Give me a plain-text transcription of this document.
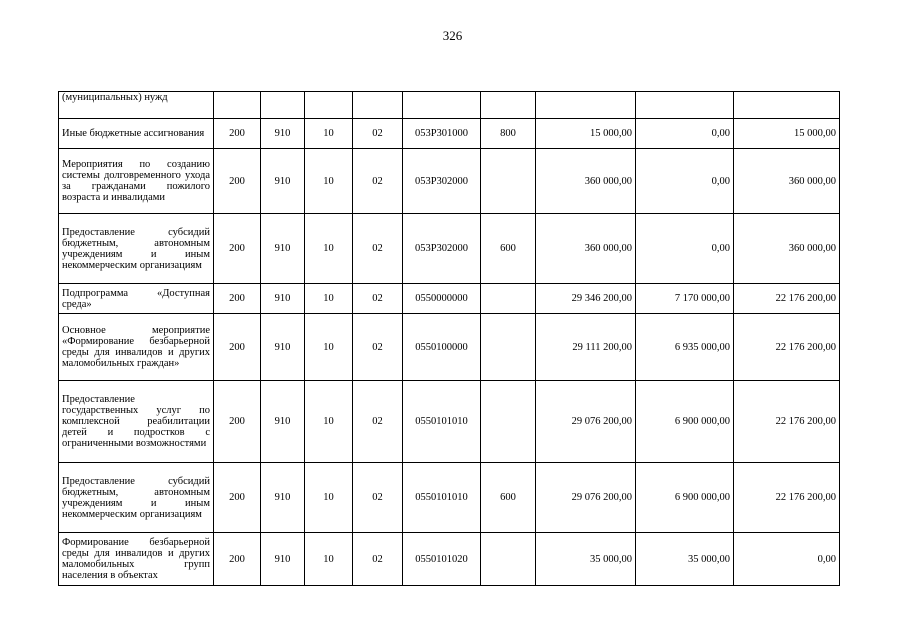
326
(муниципальных) нужд									
Иные бюджетные ассигнования	200	910	10	02	053P301000	800	15 000,00	0,00	15 000,00
Мероприятия по созданию системы долговременного ухода за гражданами пожилого возраста и инвалидами	200	910	10	02	053P302000		360 000,00	0,00	360 000,00
Предоставление субсидий бюджетным, автономным учреждениям и иным некоммерческим организациям	200	910	10	02	053P302000	600	360 000,00	0,00	360 000,00
Подпрограмма «Доступная среда»	200	910	10	02	0550000000		29 346 200,00	7 170 000,00	22 176 200,00
Основное мероприятие «Формирование безбарьерной среды для инвалидов и других маломобильных граждан»	200	910	10	02	0550100000		29 111 200,00	6 935 000,00	22 176 200,00
Предоставление государственных услуг по комплексной реабилитации детей и подростков с ограниченными возможностями	200	910	10	02	0550101010		29 076 200,00	6 900 000,00	22 176 200,00
Предоставление субсидий бюджетным, автономным учреждениям и иным некоммерческим организациям	200	910	10	02	0550101010	600	29 076 200,00	6 900 000,00	22 176 200,00
Формирование безбарьерной среды для инвалидов и других маломобильных групп населения в объектах	200	910	10	02	0550101020		35 000,00	35 000,00	0,00
